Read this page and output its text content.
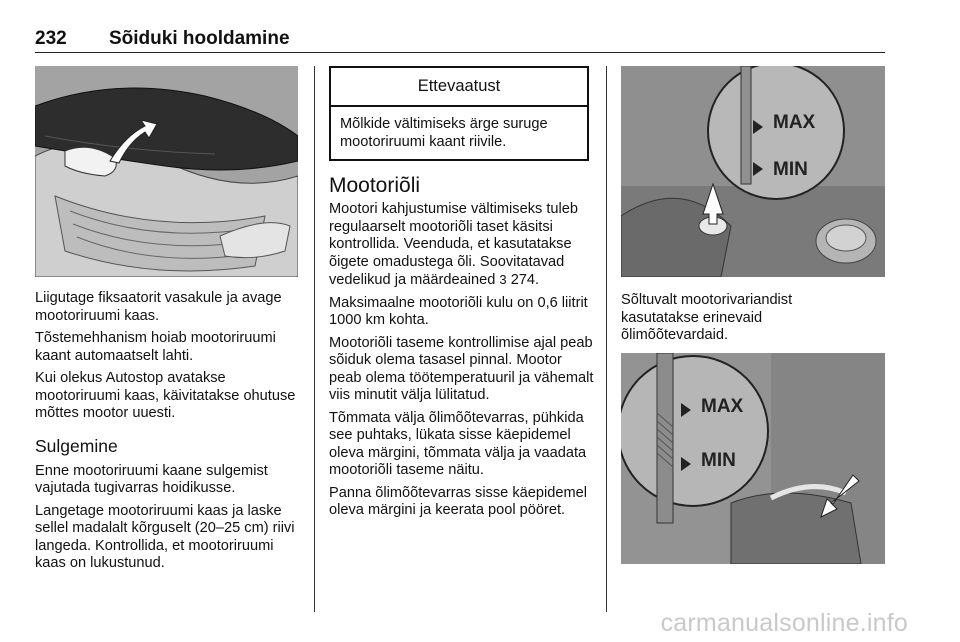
232 Sõiduki hooldamine

Liigutage fiksaatorit vasakule ja avage mootoriruumi kaas.

Tõstemehhanism hoiab mootoriruumi kaant automaatselt lahti.

Kui olekus Autostop avatakse mootoriruumi kaas, käivitatakse ohutuse mõttes mootor uuesti.

Sulgemine

Enne mootoriruumi kaane sulgemist vajutada tugivarras hoidikusse.

Langetage mootoriruumi kaas ja laske sellel madalalt kõrguselt (20–25 cm) riivi langeda. Kontrollida, et mootoriruumi kaas on lukustunud.

Ettevaatust
Mõlkide vältimiseks ärge suruge mootoriruumi kaant riivile.
Mootoriõli

Mootori kahjustumise vältimiseks tuleb regulaarselt mootoriõli taset käsitsi kontrollida. Veenduda, et kasutatakse õigete omadustega õli. Soovitatavad vedelikud ja määrdeained 3 274.

Maksimaalne mootoriõli kulu on 0,6 liitrit 1000 km kohta.

Mootoriõli taseme kontrollimise ajal peab sõiduk olema tasasel pinnal. Mootor peab olema töötemperatuuril ja vähemalt viis minutit välja lülitatud.

Tõmmata välja õlimõõtevarras, pühkida see puhtaks, lükata sisse käepidemel oleva märgini, tõmmata välja ja vaadata mootoriõli taseme näitu.

Panna õlimõõtevarras sisse käepidemel oleva märgini ja keerata pool pööret.

MAX
MIN

Sõltuvalt mootorivariandist kasutatakse erinevaid õlimõõtevardaid.

MAX
MIN
carmanualsonline.info
